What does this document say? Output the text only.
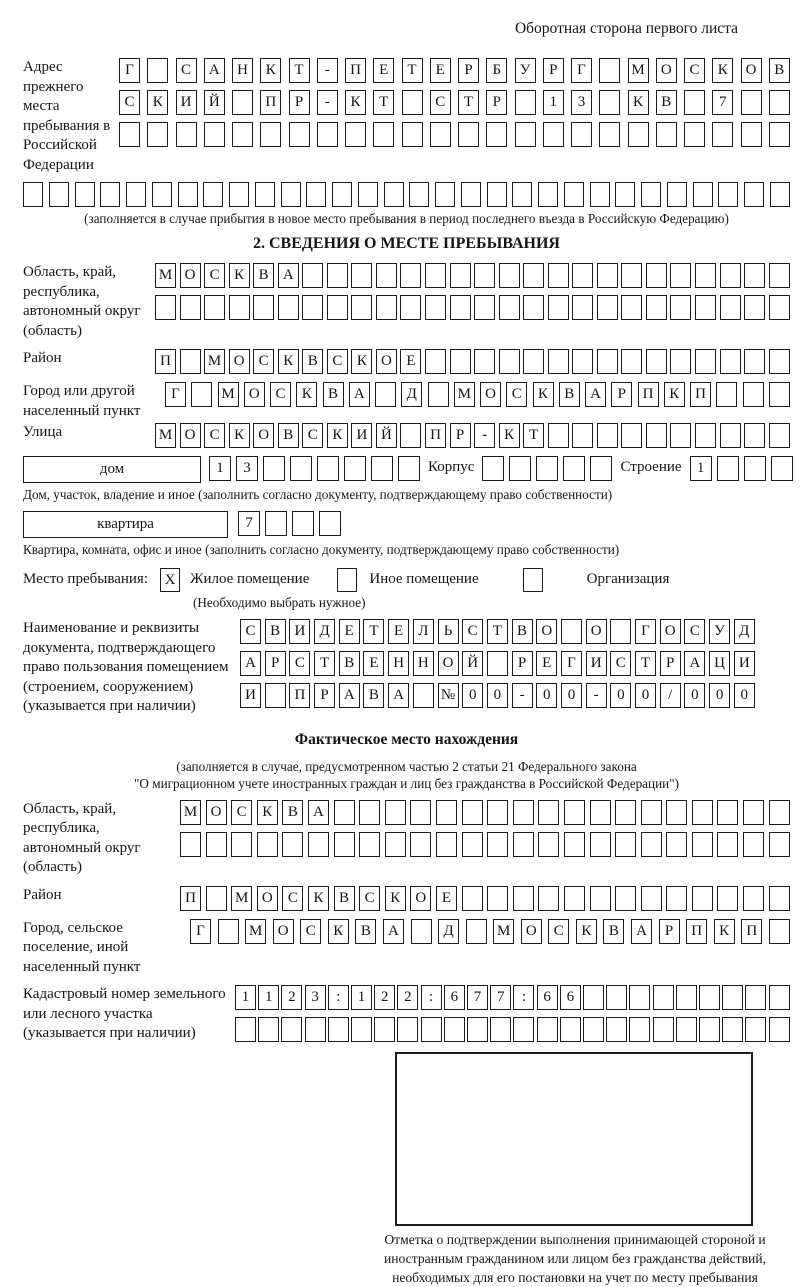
Оборотная сторона первого листа
Адрес прежнего места пребывания в Российской Федерации
Г	С	А	Н	К	Т	-	П	Е	Т	Е	Р	Б	У	Р	Г	М	О	С	К	О	В
С	К	И	Й	П	Р	-	К	Т	С	Т	Р	1	3	К	В	7
(заполняется в случае прибытия в новое место пребывания в период последнего въезда в Российскую Федерацию)
2. СВЕДЕНИЯ О МЕСТЕ ПРЕБЫВАНИЯ
Область, край, республика, автономный округ (область)
М О С К В А
Район	П	М О С К В С К О Е
Город или другой населенный пункт
Г	М О	С	К	В	А	Д	М О	С	К	В	А	Р	П	К	П
Улица	М О С К О В С К И Й	П Р	-	К Т
дом	1	3	Корпус	Строение	1
Дом, участок, владение и иное (заполнить согласно документу, подтверждающему право собственности)
квартира	7
Квартира, комната, офис и иное (заполнить согласно документу, подтверждающему право собственности)
Место пребывания:	X Жилое помещение	Иное помещение	Организация
(Необходимо выбрать нужное)
Наименование и реквизиты документа, подтверждающего право пользования помещением (строением, сооружением) (указывается при наличии)
С В И Д Е	Т	Е	Л	Ь	С	Т	В О	О	Г О С У Д
А	Р	С	Т	В	Е Н Н О Й	Р	Е	Г И С	Т	Р	А Ц И
И	П	Р	А В А	№ 0	0	-	0	0	-	0	0	/	0	0	0
Фактическое место нахождения
(заполняется в случае, предусмотренном частью 2 статьи 21 Федерального закона
"О миграционном учете иностранных граждан и лиц без гражданства в Российской Федерации")
Область, край, республика, автономный округ (область)
М О	С	К	В	А
Район	П	М О	С	К	В	С	К	О	Е
Город, сельское поселение, иной населенный пункт
Г	М	О	С	К	В	А	Д	М	О	С	К	В	А	Р	П	К	П
Кадастровый номер земельного или лесного участка (указывается при наличии)
1	1	2	3	:	1	2	2	:	6	7	7	:	6	6
Отметка о подтверждении выполнения принимающей стороной и иностранным гражданином или лицом без гражданства действий, необходимых для его постановки на учет по месту пребывания
